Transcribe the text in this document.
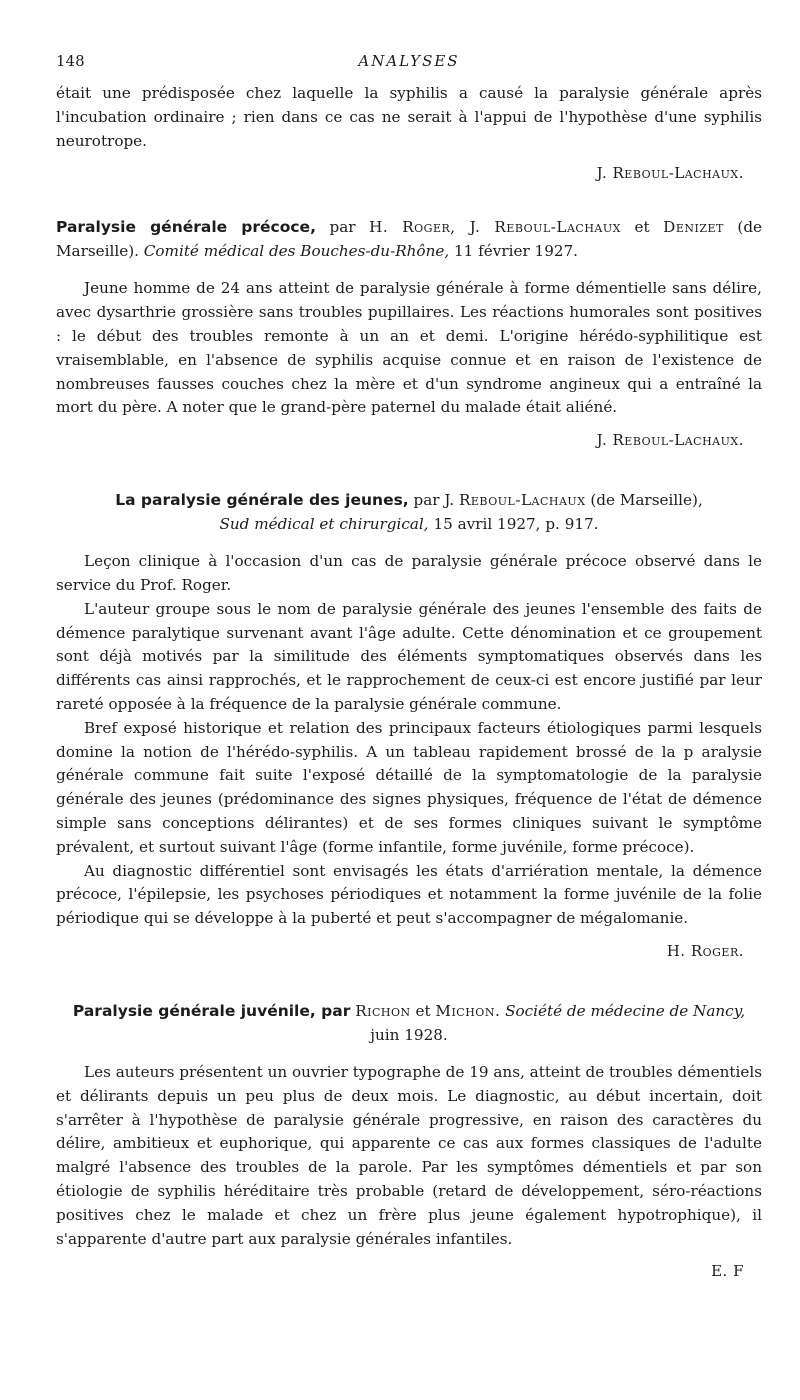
148	ANALYSES

était une prédisposée chez laquelle la syphilis a causé la paralysie générale après l'incubation ordinaire ; rien dans ce cas ne serait à l'appui de l'hypothèse d'une syphilis neurotrope.

J. Reboul-Lachaux.
Paralysie générale précoce, par H. Roger, J. Reboul-Lachaux et Denizet (de Marseille). Comité médical des Bouches-du-Rhône, 11 février 1927.

Jeune homme de 24 ans atteint de paralysie générale à forme démentielle sans délire, avec dysarthrie grossière sans troubles pupillaires. Les réactions humorales sont positives : le début des troubles remonte à un an et demi. L'origine hérédo-syphilitique est vraisemblable, en l'absence de syphilis acquise connue et en raison de l'existence de nombreuses fausses couches chez la mère et d'un syndrome angineux qui a entraîné la mort du père. A noter que le grand-père paternel du malade était aliéné.

J. Reboul-Lachaux.
La paralysie générale des jeunes, par J. Reboul-Lachaux (de Marseille),
Sud médical et chirurgical, 15 avril 1927, p. 917.

Leçon clinique à l'occasion d'un cas de paralysie générale précoce observé dans le service du Prof. Roger.

L'auteur groupe sous le nom de paralysie générale des jeunes l'ensemble des faits de démence paralytique survenant avant l'âge adulte. Cette dénomination et ce groupement sont déjà motivés par la similitude des éléments symptomatiques observés dans les différents cas ainsi rapprochés, et le rapprochement de ceux-ci est encore justifié par leur rareté opposée à la fréquence de la paralysie générale commune.

Bref exposé historique et relation des principaux facteurs étiologiques parmi lesquels domine la notion de l'hérédo-syphilis. A un tableau rapidement brossé de la p aralysie générale commune fait suite l'exposé détaillé de la symptomatologie de la paralysie générale des jeunes (prédominance des signes physiques, fréquence de l'état de démence simple sans conceptions délirantes) et de ses formes cliniques suivant le symptôme prévalent, et surtout suivant l'âge (forme infantile, forme juvénile, forme précoce).

Au diagnostic différentiel sont envisagés les états d'arriération mentale, la démence précoce, l'épilepsie, les psychoses périodiques et notamment la forme juvénile de la folie périodique qui se développe à la puberté et peut s'accompagner de mégalomanie.

H. Roger.
Paralysie générale juvénile, par Richon et Michon. Société de médecine de Nancy,
juin 1928.

Les auteurs présentent un ouvrier typographe de 19 ans, atteint de troubles démentiels et délirants depuis un peu plus de deux mois. Le diagnostic, au début incertain, doit s'arrêter à l'hypothèse de paralysie générale progressive, en raison des caractères du délire, ambitieux et euphorique, qui apparente ce cas aux formes classiques de l'adulte malgré l'absence des troubles de la parole. Par les symptômes démentiels et par son étiologie de syphilis héréditaire très probable (retard de développement, séro-réactions positives chez le malade et chez un frère plus jeune également hypotrophique), il s'apparente d'autre part aux paralysie générales infantiles.

E. F
